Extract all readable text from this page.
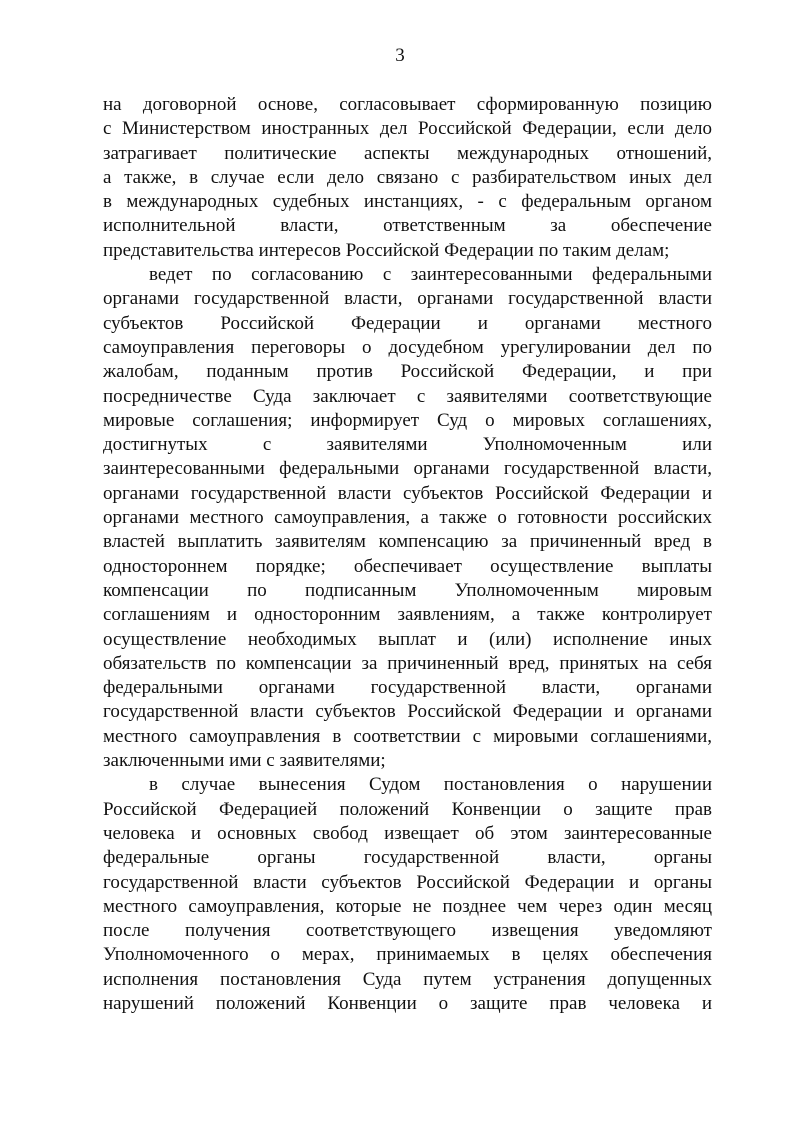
3
на договорной основе, согласовывает сформированную позицию
с Министерством иностранных дел Российской Федерации, если дело
затрагивает политические аспекты международных отношений,
а также, в случае если дело связано с разбирательством иных дел
в международных судебных инстанциях, - с федеральным органом
исполнительной власти, ответственным за обеспечение
представительства интересов Российской Федерации по таким делам;
ведет по согласованию с заинтересованными федеральными
органами государственной власти, органами государственной власти
субъектов Российской Федерации и органами местного
самоуправления переговоры о досудебном урегулировании дел по
жалобам, поданным против Российской Федерации, и при
посредничестве Суда заключает с заявителями соответствующие
мировые соглашения; информирует Суд о мировых соглашениях,
достигнутых с заявителями Уполномоченным или
заинтересованными федеральными органами государственной власти,
органами государственной власти субъектов Российской Федерации и
органами местного самоуправления, а также о готовности российских
властей выплатить заявителям компенсацию за причиненный вред в
одностороннем порядке; обеспечивает осуществление выплаты
компенсации по подписанным Уполномоченным мировым
соглашениям и односторонним заявлениям, а также контролирует
осуществление необходимых выплат и (или) исполнение иных
обязательств по компенсации за причиненный вред, принятых на себя
федеральными органами государственной власти, органами
государственной власти субъектов Российской Федерации и органами
местного самоуправления в соответствии с мировыми соглашениями,
заключенными ими с заявителями;
в случае вынесения Судом постановления о нарушении
Российской Федерацией положений Конвенции о защите прав
человека и основных свобод извещает об этом заинтересованные
федеральные органы государственной власти, органы
государственной власти субъектов Российской Федерации и органы
местного самоуправления, которые не позднее чем через один месяц
после получения соответствующего извещения уведомляют
Уполномоченного о мерах, принимаемых в целях обеспечения
исполнения постановления Суда путем устранения допущенных
нарушений положений Конвенции о защите прав человека и
